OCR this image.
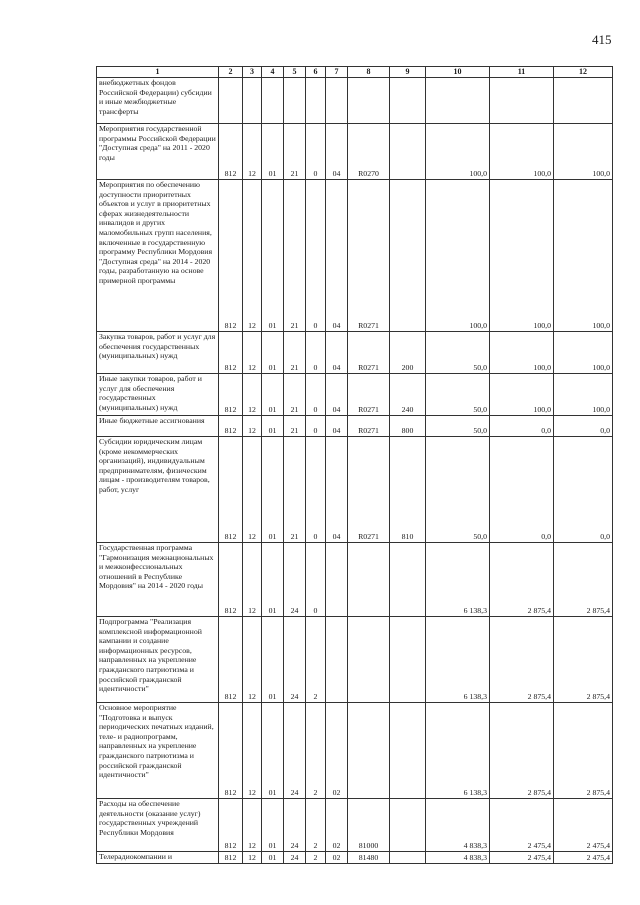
415
1	2	3	4	5	6	7	8	9	10	11	12
внебюджетных фондов Российской Федерации) субсидии и иные межбюджетные трансферты											
Мероприятия государственной программы Российской Федерации "Доступная среда" на 2011 - 2020 годы	812	12	01	21	0	04	R0270		100,0	100,0	100,0
Мероприятия по обеспечению доступности приоритетных объектов и услуг в приоритетных сферах жизнедеятельности инвалидов и других маломобильных групп населения, включенные в государственную программу Республики Мордовия "Доступная среда" на 2014 - 2020 годы, разработанную на основе примерной программы	812	12	01	21	0	04	R0271		100,0	100,0	100,0
Закупка товаров, работ и услуг для обеспечения государственных (муниципальных) нужд	812	12	01	21	0	04	R0271	200	50,0	100,0	100,0
Иные закупки товаров, работ и услуг для обеспечения государственных (муниципальных) нужд	812	12	01	21	0	04	R0271	240	50,0	100,0	100,0
Иные бюджетные ассигнования	812	12	01	21	0	04	R0271	800	50,0	0,0	0,0
Субсидии юридическим лицам (кроме некоммерческих организаций), индивидуальным предпринимателям, физическим лицам - производителям товаров, работ, услуг	812	12	01	21	0	04	R0271	810	50,0	0,0	0,0
Государственная программа "Гармонизация межнациональных и межконфессиональных отношений в Республике Мордовия" на 2014 - 2020 годы	812	12	01	24	0				6 138,3	2 875,4	2 875,4
Подпрограмма "Реализация комплексной информационной кампании и создание информационных ресурсов, направленных на укрепление гражданского патриотизма и российской гражданской идентичности"	812	12	01	24	2				6 138,3	2 875,4	2 875,4
Основное мероприятие "Подготовка и выпуск периодических печатных изданий, теле- и радиопрограмм, направленных на укрепление гражданского патриотизма и российской гражданской идентичности"	812	12	01	24	2	02			6 138,3	2 875,4	2 875,4
Расходы на обеспечение деятельности (оказание услуг) государственных учреждений Республики Мордовия	812	12	01	24	2	02	81000		4 838,3	2 475,4	2 475,4
Телерадиокомпании и	812	12	01	24	2	02	81480		4 838,3	2 475,4	2 475,4
